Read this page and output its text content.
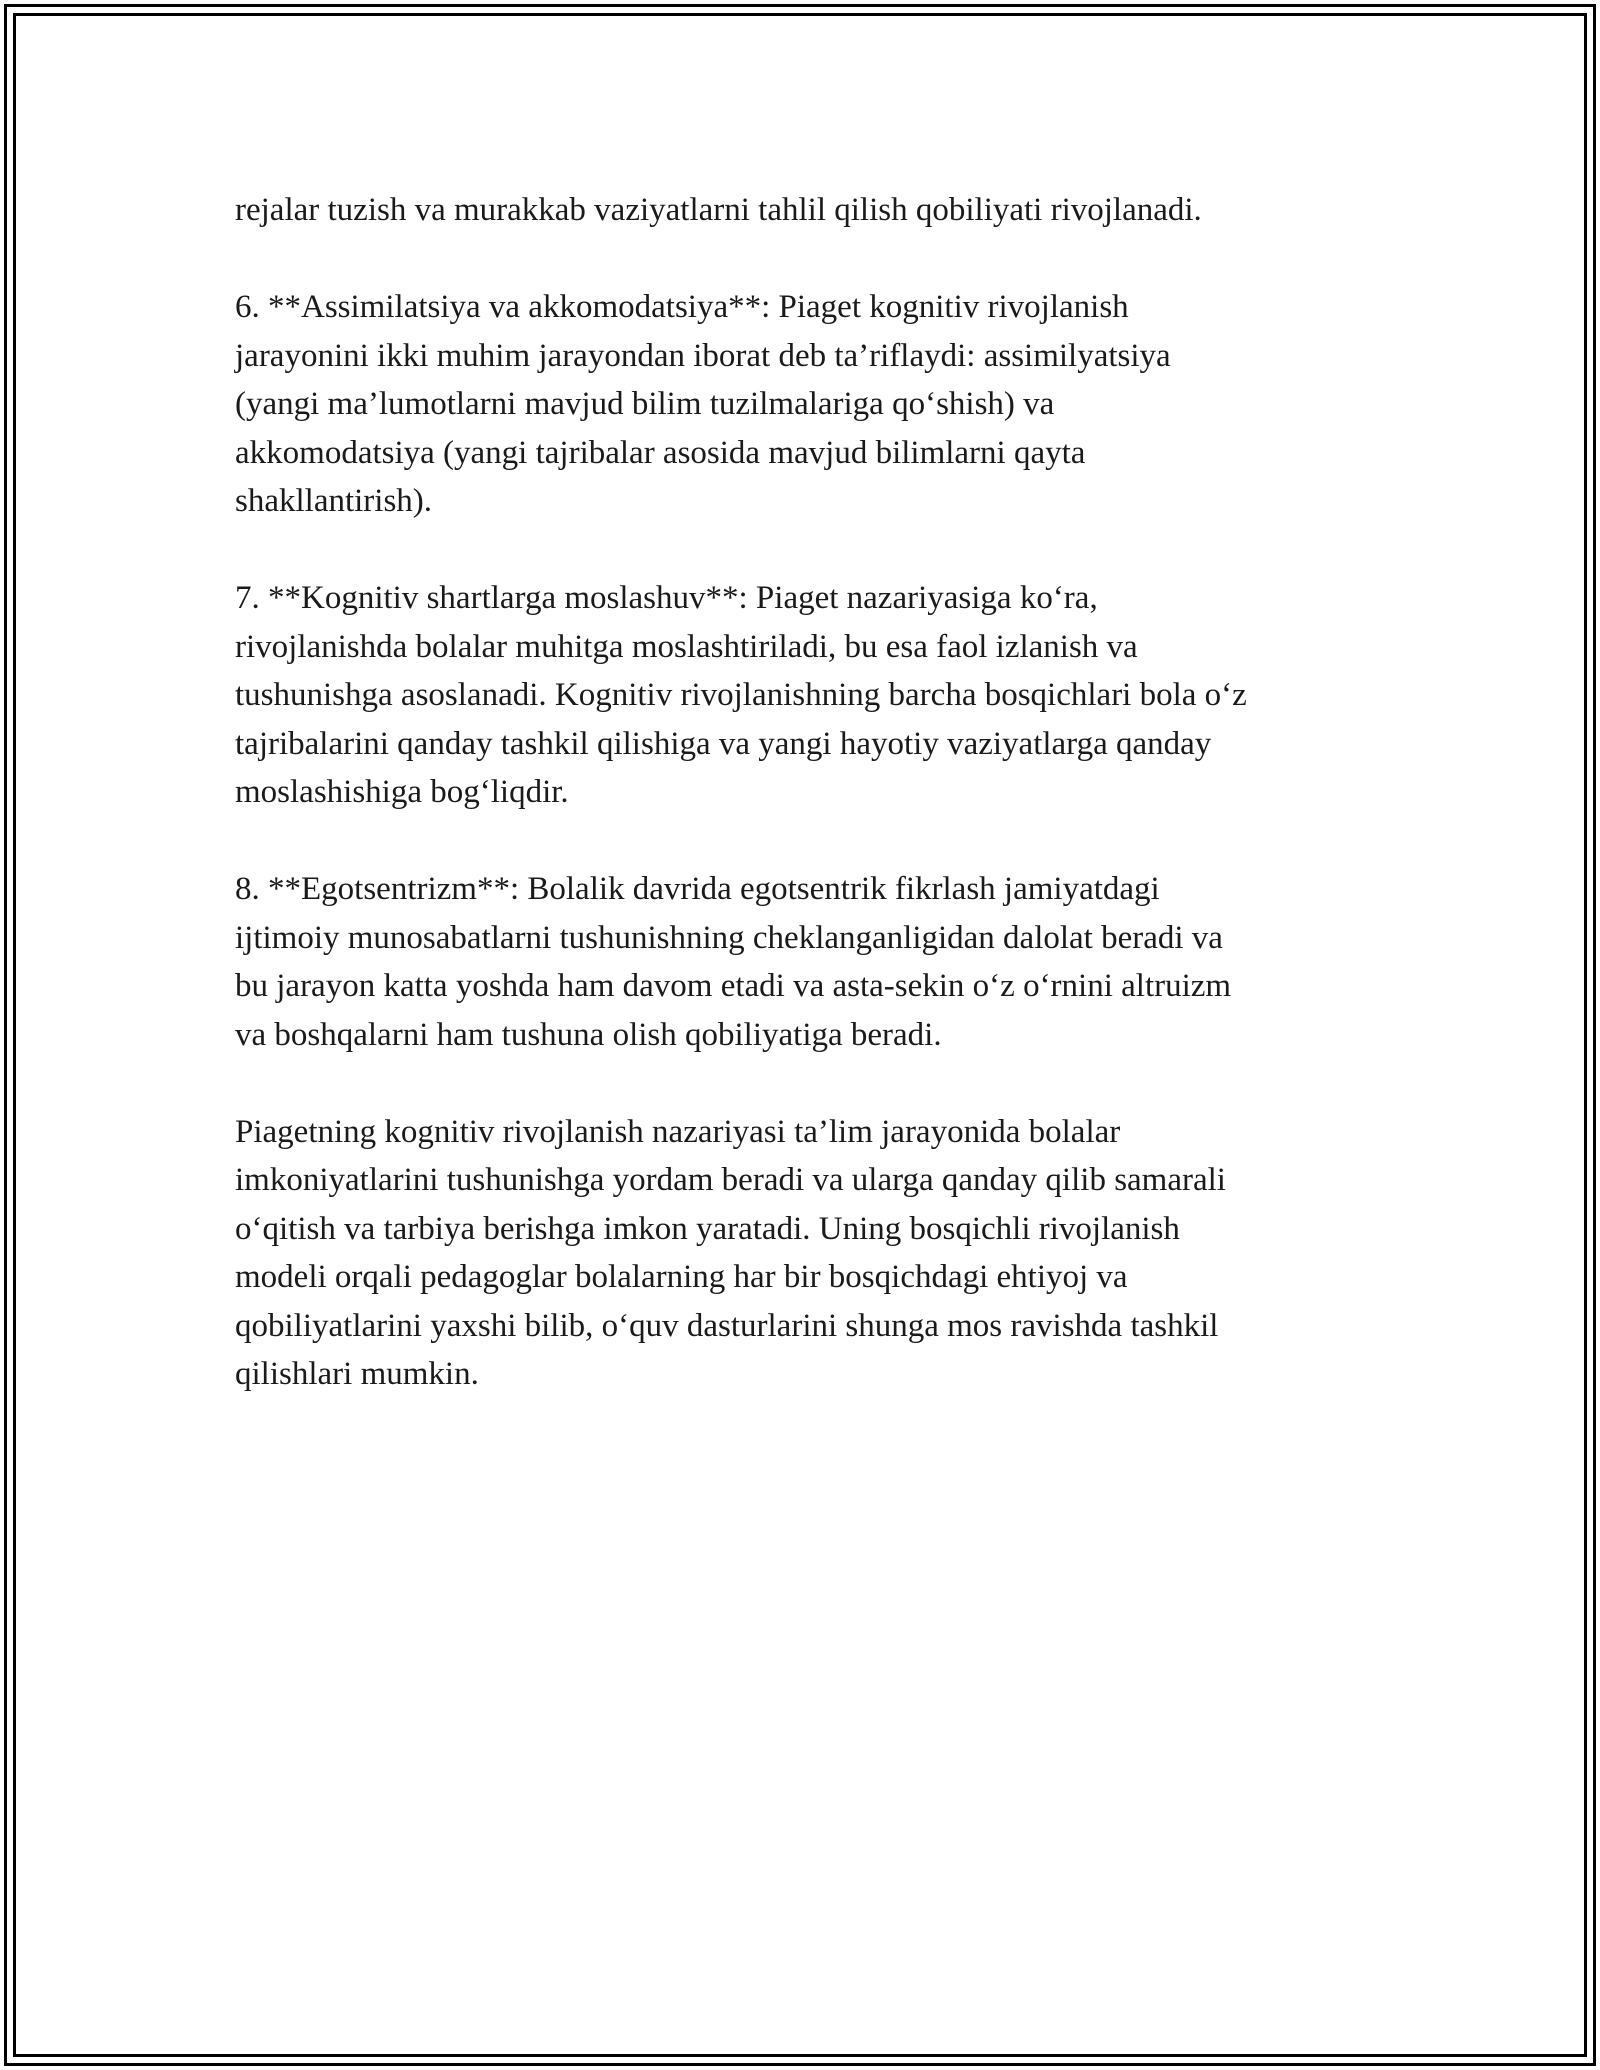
rejalar tuzish va murakkab vaziyatlarni tahlil qilish qobiliyati rivojlanadi.

6. **Assimilatsiya va akkomodatsiya**: Piaget kognitiv rivojlanish
jarayonini ikki muhim jarayondan iborat deb ta’riflaydi: assimilyatsiya
(yangi ma’lumotlarni mavjud bilim tuzilmalariga qo‘shish) va
akkomodatsiya (yangi tajribalar asosida mavjud bilimlarni qayta
shakllantirish).

7. **Kognitiv shartlarga moslashuv**: Piaget nazariyasiga ko‘ra,
rivojlanishda bolalar muhitga moslashtiriladi, bu esa faol izlanish va
tushunishga asoslanadi. Kognitiv rivojlanishning barcha bosqichlari bola o‘z
tajribalarini qanday tashkil qilishiga va yangi hayotiy vaziyatlarga qanday
moslashishiga bog‘liqdir.

8. **Egotsentrizm**: Bolalik davrida egotsentrik fikrlash jamiyatdagi
ijtimoiy munosabatlarni tushunishning cheklanganligidan dalolat beradi va
bu jarayon katta yoshda ham davom etadi va asta-sekin o‘z o‘rnini altruizm
va boshqalarni ham tushuna olish qobiliyatiga beradi.

Piagetning kognitiv rivojlanish nazariyasi ta’lim jarayonida bolalar
imkoniyatlarini tushunishga yordam beradi va ularga qanday qilib samarali
o‘qitish va tarbiya berishga imkon yaratadi. Uning bosqichli rivojlanish
modeli orqali pedagoglar bolalarning har bir bosqichdagi ehtiyoj va
qobiliyatlarini yaxshi bilib, o‘quv dasturlarini shunga mos ravishda tashkil
qilishlari mumkin.
